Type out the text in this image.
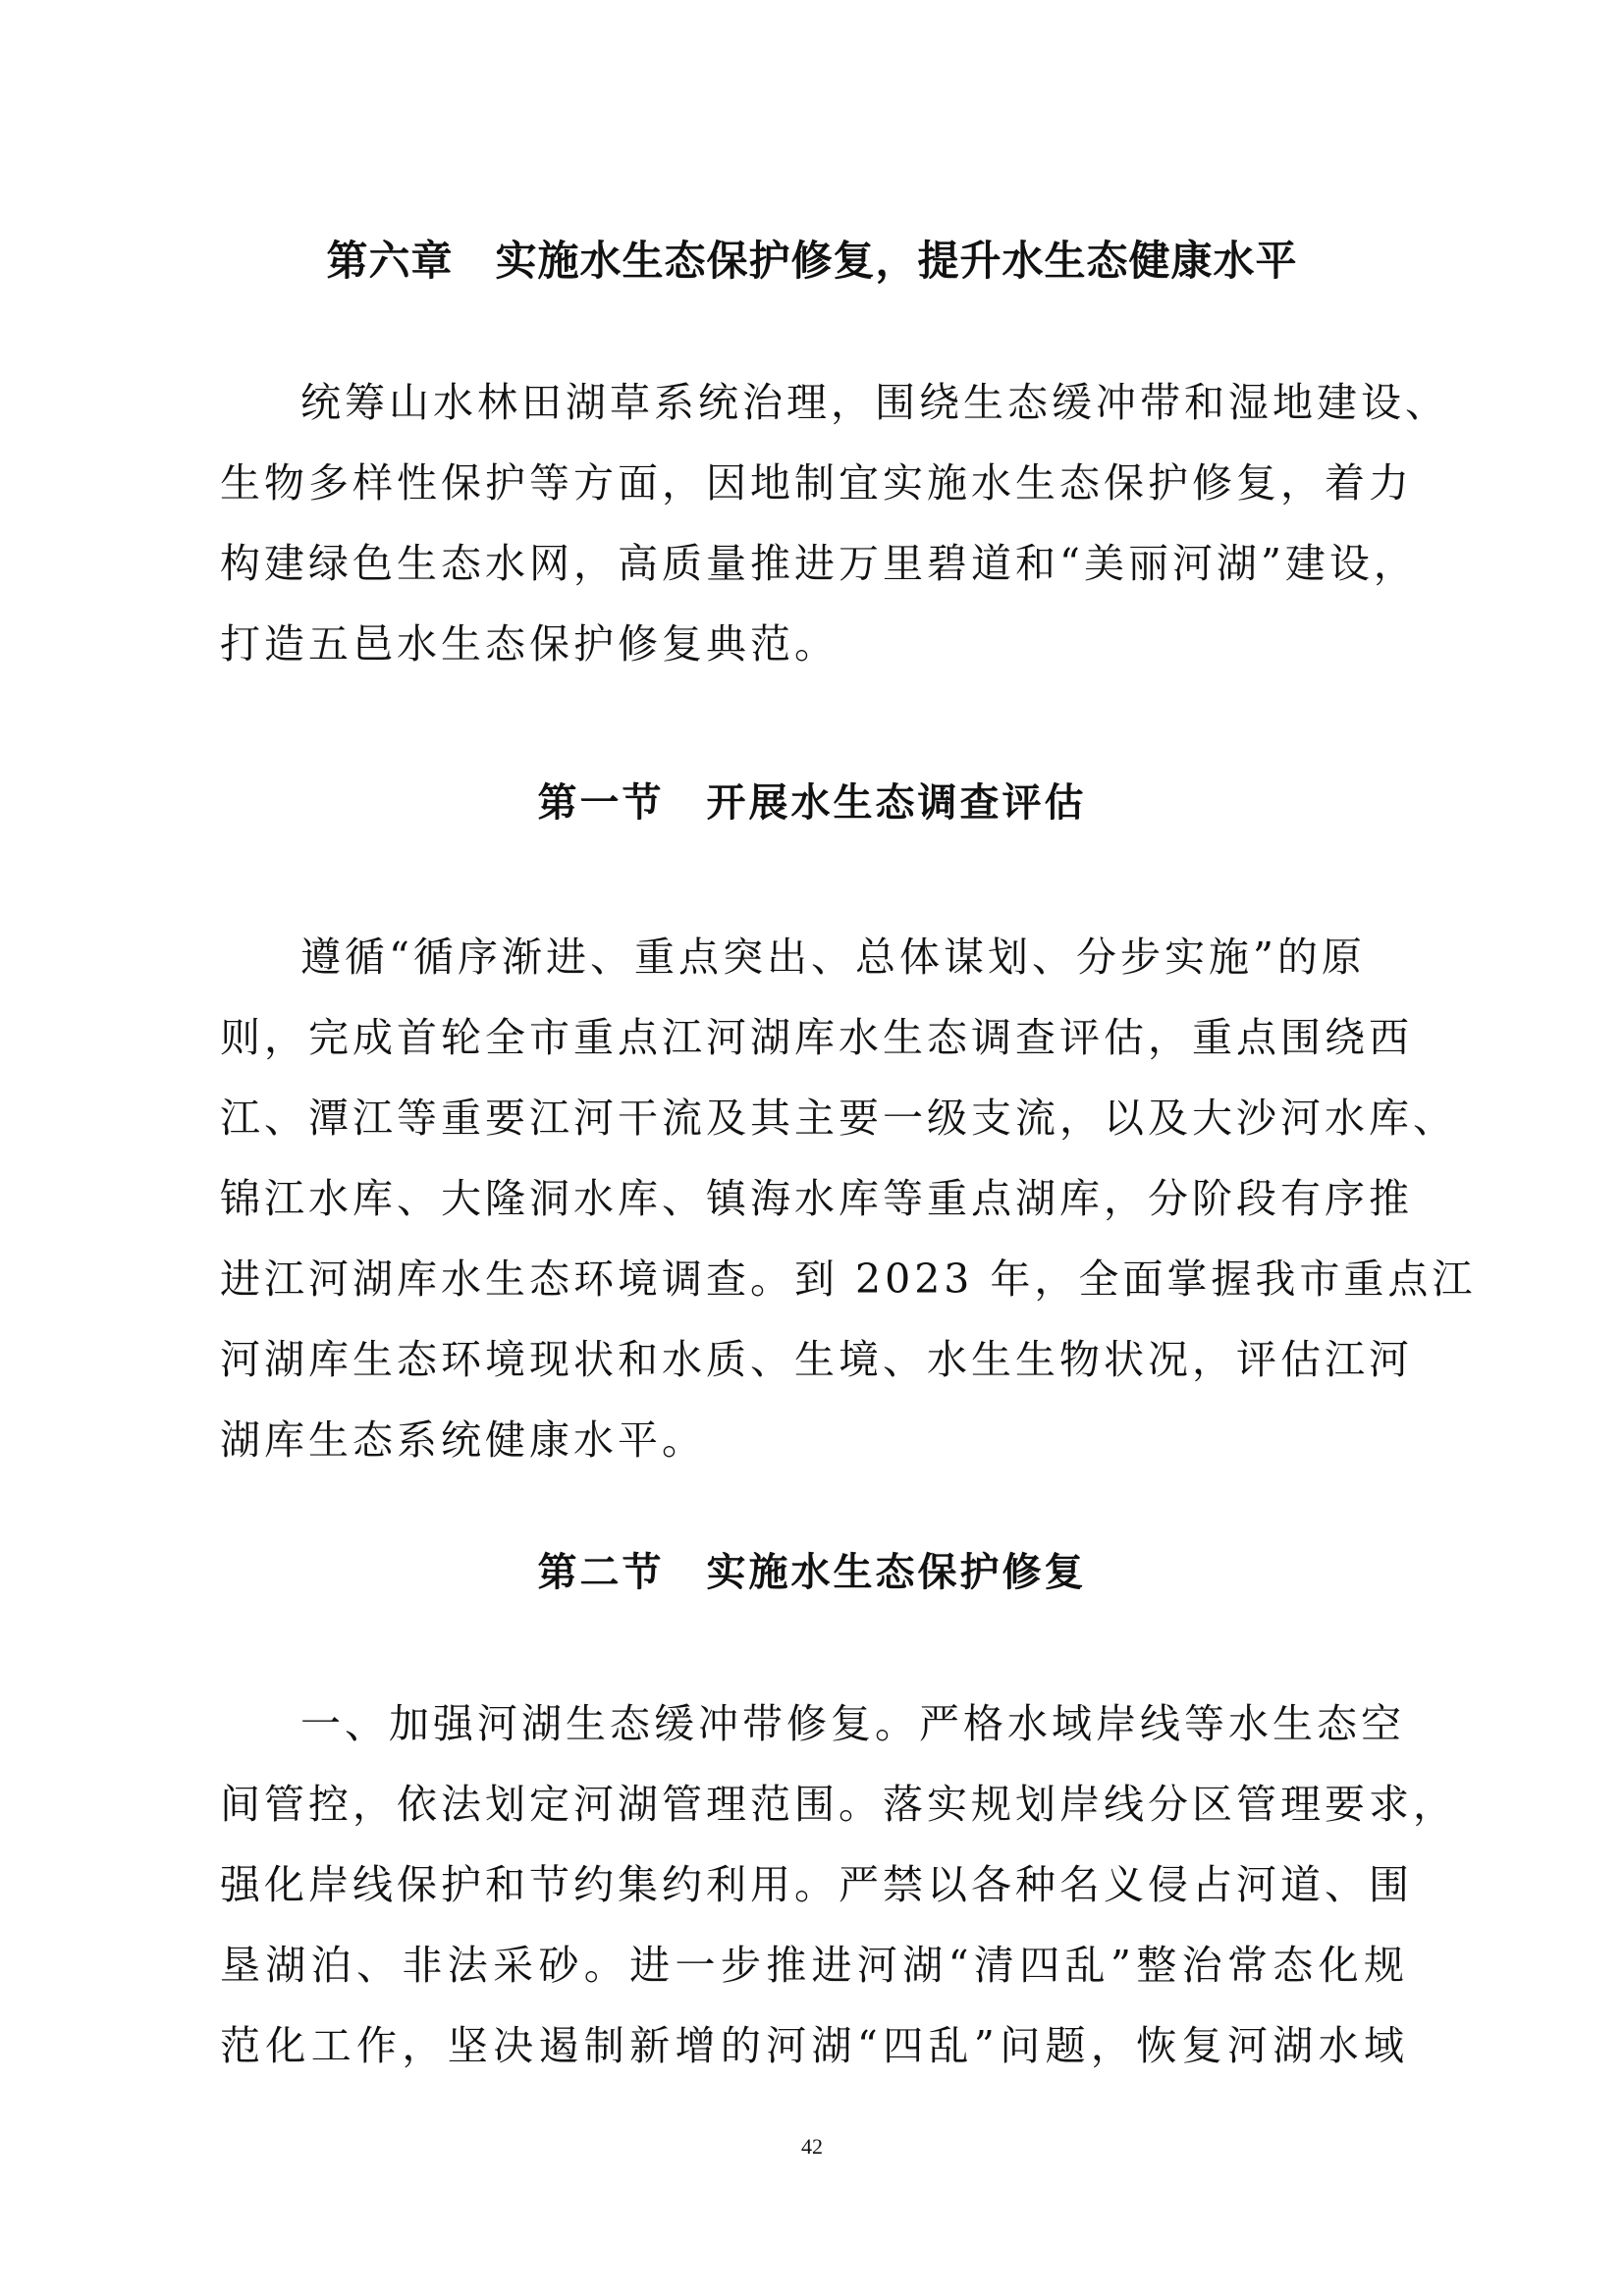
第六章　实施水生态保护修复，提升水生态健康水平
统筹山水林田湖草系统治理，围绕生态缓冲带和湿地建设、
生物多样性保护等方面，因地制宜实施水生态保护修复，着力
构建绿色生态水网，高质量推进万里碧道和“美丽河湖”建设，
打造五邑水生态保护修复典范。
第一节　开展水生态调查评估
遵循“循序渐进、重点突出、总体谋划、分步实施”的原
则，完成首轮全市重点江河湖库水生态调查评估，重点围绕西
江、潭江等重要江河干流及其主要一级支流，以及大沙河水库、
锦江水库、大隆洞水库、镇海水库等重点湖库，分阶段有序推
进江河湖库水生态环境调查。到 2023 年，全面掌握我市重点江
河湖库生态环境现状和水质、生境、水生生物状况，评估江河
湖库生态系统健康水平。
第二节　实施水生态保护修复
一、加强河湖生态缓冲带修复。严格水域岸线等水生态空
间管控，依法划定河湖管理范围。落实规划岸线分区管理要求，
强化岸线保护和节约集约利用。严禁以各种名义侵占河道、围
垦湖泊、非法采砂。进一步推进河湖“清四乱”整治常态化规
范化工作，坚决遏制新增的河湖“四乱”问题，恢复河湖水域
42
